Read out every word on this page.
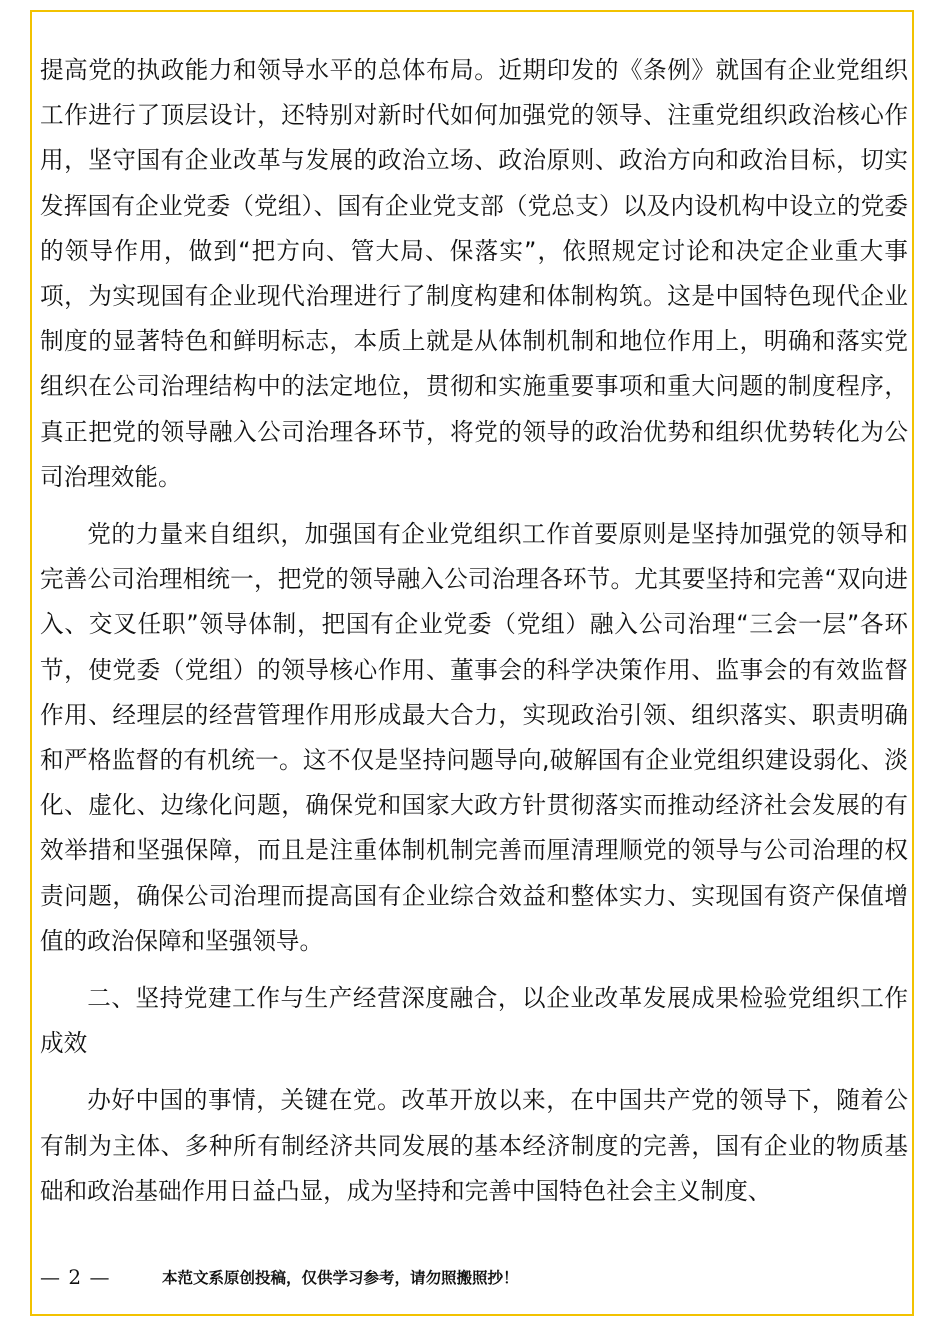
提高党的执政能力和领导水平的总体布局。近期印发的《条例》就国有企业党组织工作进行了顶层设计，还特别对新时代如何加强党的领导、注重党组织政治核心作用，坚守国有企业改革与发展的政治立场、政治原则、政治方向和政治目标，切实发挥国有企业党委（党组）、国有企业党支部（党总支）以及内设机构中设立的党委的领导作用，做到“把方向、管大局、保落实”，依照规定讨论和决定企业重大事项，为实现国有企业现代治理进行了制度构建和体制构筑。这是中国特色现代企业制度的显著特色和鲜明标志，本质上就是从体制机制和地位作用上，明确和落实党组织在公司治理结构中的法定地位，贯彻和实施重要事项和重大问题的制度程序，真正把党的领导融入公司治理各环节，将党的领导的政治优势和组织优势转化为公司治理效能。

党的力量来自组织，加强国有企业党组织工作首要原则是坚持加强党的领导和完善公司治理相统一，把党的领导融入公司治理各环节。尤其要坚持和完善“双向进入、交叉任职”领导体制，把国有企业党委（党组）融入公司治理“三会一层”各环节，使党委（党组）的领导核心作用、董事会的科学决策作用、监事会的有效监督作用、经理层的经营管理作用形成最大合力，实现政治引领、组织落实、职责明确和严格监督的有机统一。这不仅是坚持问题导向,破解国有企业党组织建设弱化、淡化、虚化、边缘化问题，确保党和国家大政方针贯彻落实而推动经济社会发展的有效举措和坚强保障，而且是注重体制机制完善而厘清理顺党的领导与公司治理的权责问题，确保公司治理而提高国有企业综合效益和整体实力、实现国有资产保值增值的政治保障和坚强领导。

二、坚持党建工作与生产经营深度融合，以企业改革发展成果检验党组织工作成效

办好中国的事情，关键在党。改革开放以来，在中国共产党的领导下，随着公有制为主体、多种所有制经济共同发展的基本经济制度的完善，国有企业的物质基础和政治基础作用日益凸显，成为坚持和完善中国特色社会主义制度、

— 2 —	本范文系原创投稿，仅供学习参考，请勿照搬照抄！
